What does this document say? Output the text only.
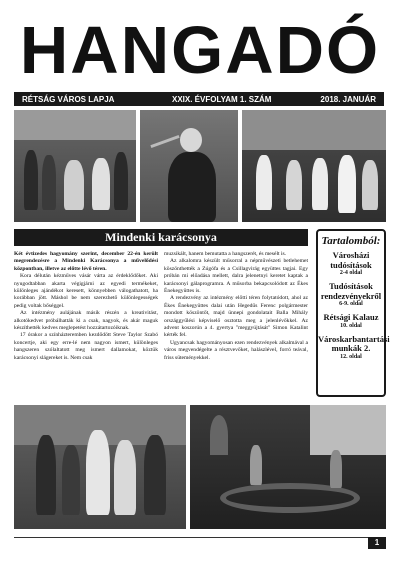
HANGADÓ
RÉTSÁG VÁROS LAPJA	XXIX. ÉVFOLYAM 1. SZÁM	2018. JANUÁR
Mindenki karácsonya

Két évtizedes hagyomány szerint, december 22-én került megrendezésre a Mindenki Karácsonya a művelődési központban, illetve az előtte lévő téren.

Kora délután kézműves vásár várta az érdeklődőket. Aki nyugodtabban akarta végigjárni az egyedi termékeket, különleges ajándékot keresett, könnyebben válogathatott, ha korábban jött. Máshol be nem szerezhető különlegességek pedig voltak bőséggel.

Az intézmény aulájának másik részén a kreativitást, alkotókedvet próbálhatták ki a csak, nagyok, és akár maguk készíthették kedves meglepetést hozzátartozóiknak.

17 órakor a színházteremben kezdődött Steve Taylor Szabó koncertje, aki egy erre-lé nem nagyon ismert, különleges hangszeren szólaltatott meg ismert dallamokat, köztük karácsonyi slágereket is. Nem csak

muzsikált, hanem bemutatta a hangszerét, és mesélt is.

Az alkalomra készült műsorral a népművészeti betlehemet köszönthették a Zúgófa és a Csillagvirág együttes tagjai. Egy próbán mi előadása mellett, dalra jelenetnyi keretet kaptak a karácsonyi gálaprogramra. A műsorba bekapcsolódott az Ékes Énekegyüttes is.

A rendezvény az intézmény előtti téren folytatódott, ahol az Ékes Énekegyüttes dalai után Hegedűs Ferenc polgármester mondott köszöntőt, majd ünnepi gondolatait Balla Mihály országgyűlési képviselő osztotta meg a jelenlévőkkel. Az advent koszorún a 4. gyertya "meggyújtását" Simon Katalint kérték fel.

Ugyancsak hagyományosan ezen rendezvények alkalmával a város megvendégelte a résztvevőket, halászlével, forró teával, friss süteményekkel.

Tartalomból:
Városházi tudósítások
2-4 oldal
Tudósítások rendezvényekről
6-9. oldal
Rétsági Kalauz
10. oldal
Városkarbantartási munkák 2.
12. oldal
1
